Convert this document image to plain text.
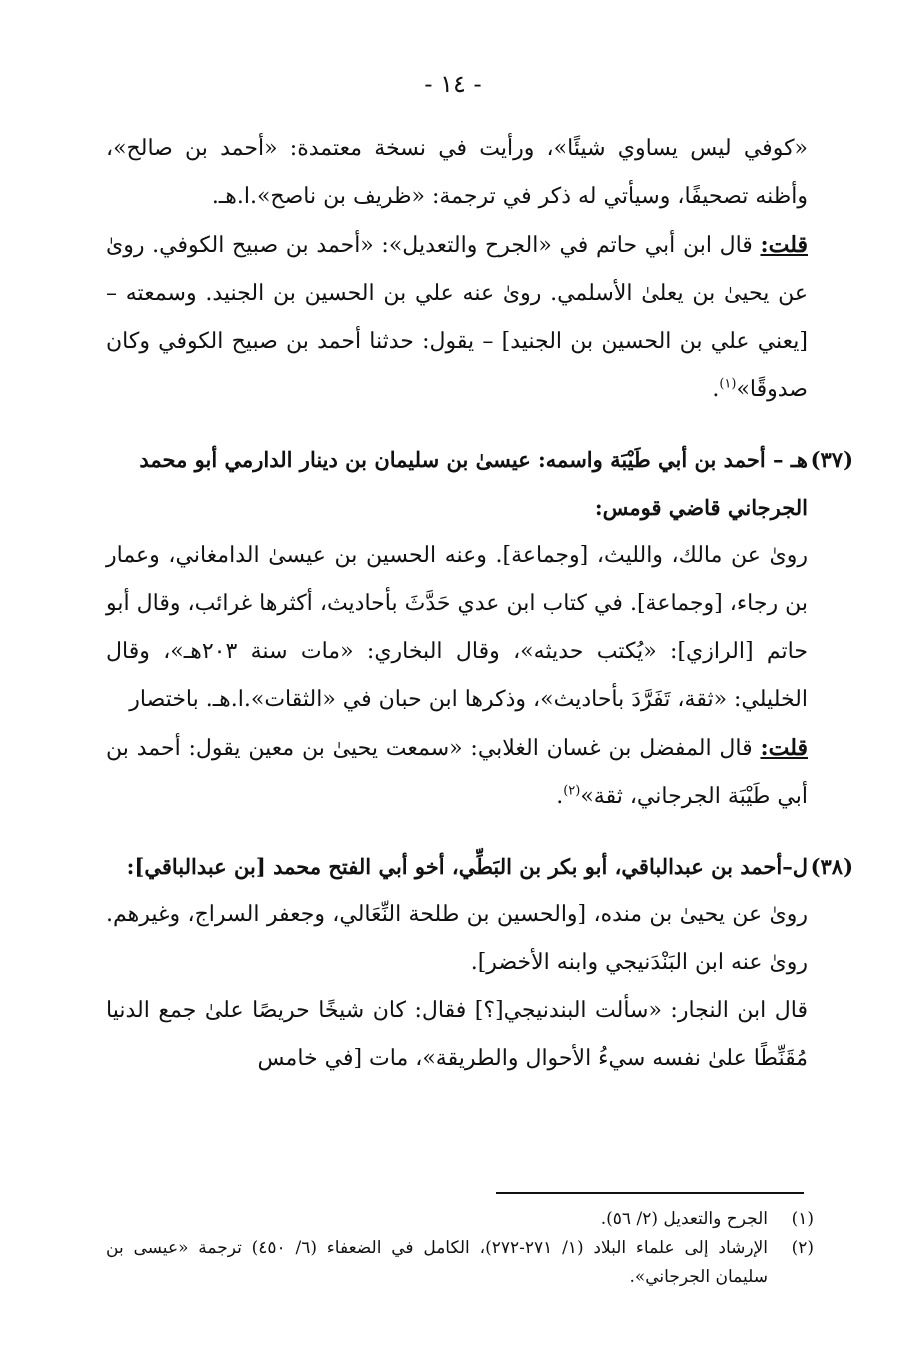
- ١٤ -

«كوفي ليس يساوي شيئًا»، ورأيت في نسخة معتمدة: «أحمد بن صالح»، وأظنه تصحيفًا، وسيأتي له ذكر في ترجمة: «ظريف بن ناصح».ا.هـ.

قلت: قال ابن أبي حاتم في «الجرح والتعديل»: «أحمد بن صبيح الكوفي. روىٰ عن يحيىٰ بن يعلىٰ الأسلمي. روىٰ عنه علي بن الحسين بن الجنيد. وسمعته – [يعني علي بن الحسين بن الجنيد] – يقول: حدثنا أحمد بن صبيح الكوفي وكان صدوقًا»$^{(١)}$.

(٣٧)
هـ – أحمد بن أبي طَيْبَة واسمه: عيسىٰ بن سليمان بن دينار الدارمي أبو محمد الجرجاني قاضي قومس:

روىٰ عن مالك، والليث، [وجماعة]. وعنه الحسين بن عيسىٰ الدامغاني، وعمار بن رجاء، [وجماعة]. في كتاب ابن عدي حَدَّثَ بأحاديث، أكثرها غرائب، وقال أبو حاتم [الرازي]: «يُكتب حديثه»، وقال البخاري: «مات سنة ٢٠٣هـ»، وقال الخليلي: «ثقة، تَفَرَّدَ بأحاديث»، وذكرها ابن حبان في «الثقات».ا.هـ. باختصار

قلت: قال المفضل بن غسان الغلابي: «سمعت يحيىٰ بن معين يقول: أحمد بن أبي طَيْبَة الجرجاني، ثقة»$^{(٢)}$.

(٣٨)
ل–أحمد بن عبدالباقي، أبو بكر بن البَطِّي، أخو أبي الفتح محمد [بن عبدالباقي]:

روىٰ عن يحيىٰ بن منده، [والحسين بن طلحة النِّعَالي، وجعفر السراج، وغيرهم. روىٰ عنه ابن البَنْدَنيجي وابنه الأخضر].

قال ابن النجار: «سألت البندنيجي[؟] فقال: كان شيخًا حريصًا علىٰ جمع الدنيا مُقَنِّطًا علىٰ نفسه سيءُ الأحوال والطريقة»، مات [في خامس

(١)
الجرح والتعديل (٢/ ٥٦).

(٢)
الإرشاد إلى علماء البلاد (١/ ٢٧١-٢٧٢)، الكامل في الضعفاء (٦/ ٤٥٠) ترجمة «عيسى بن سليمان الجرجاني».
